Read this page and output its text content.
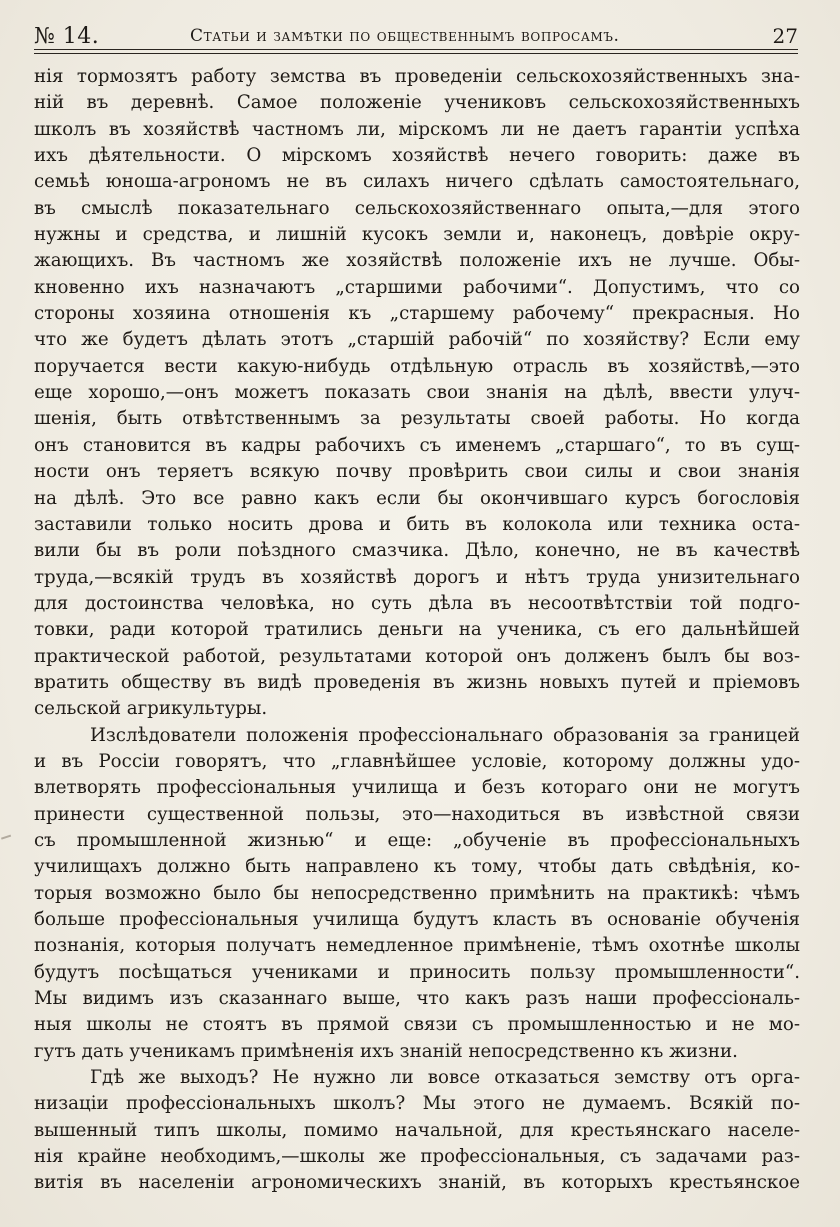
№ 14.	Статьи и замѣтки по общественнымъ вопросамъ.	27
нія тормозятъ работу земства въ проведеніи сельскохозяйственныхъ зна-
ній въ деревнѣ. Самое положеніе учениковъ сельскохозяйственныхъ
школъ въ хозяйствѣ частномъ ли, мірскомъ ли не даетъ гарантіи успѣха
ихъ дѣятельности. О мірскомъ хозяйствѣ нечего говорить: даже въ
семьѣ юноша-агрономъ не въ силахъ ничего сдѣлать самостоятельнаго,
въ смыслѣ показательнаго сельскохозяйственнаго опыта,—для этого
нужны и средства, и лишній кусокъ земли и, наконецъ, довѣріе окру-
жающихъ. Въ частномъ же хозяйствѣ положеніе ихъ не лучше. Обы-
кновенно ихъ назначаютъ „старшими рабочими“. Допустимъ, что со
стороны хозяина отношенія къ „старшему рабочему“ прекрасныя. Но
что же будетъ дѣлать этотъ „старшій рабочій“ по хозяйству? Если ему
поручается вести какую-нибудь отдѣльную отрасль въ хозяйствѣ,—это
еще хорошо,—онъ можетъ показать свои знанія на дѣлѣ, ввести улуч-
шенія, быть отвѣтственнымъ за результаты своей работы. Но когда
онъ становится въ кадры рабочихъ съ именемъ „старшаго“, то въ сущ-
ности онъ теряетъ всякую почву провѣрить свои силы и свои знанія
на дѣлѣ. Это все равно какъ если бы окончившаго курсъ богословія
заставили только носить дрова и бить въ колокола или техника оста-
вили бы въ роли поѣздного смазчика. Дѣло, конечно, не въ качествѣ
труда,—всякій трудъ въ хозяйствѣ дорогъ и нѣтъ труда унизительнаго
для достоинства человѣка, но суть дѣла въ несоотвѣтствіи той подго-
товки, ради которой тратились деньги на ученика, съ его дальнѣйшей
практической работой, результатами которой онъ долженъ былъ бы воз-
вратить обществу въ видѣ проведенія въ жизнь новыхъ путей и пріемовъ
сельской агрикультуры.
Изслѣдователи положенія профессіональнаго образованія за границей
и въ Россіи говорятъ, что „главнѣйшее условіе, которому должны удо-
влетворять профессіональныя училища и безъ котораго они не могутъ
принести существенной пользы, это—находиться въ извѣстной связи
съ промышленной жизнью“ и еще: „обученіе въ профессіональныхъ
училищахъ должно быть направлено къ тому, чтобы дать свѣдѣнія, ко-
торыя возможно было бы непосредственно примѣнить на практикѣ: чѣмъ
больше профессіональныя училища будутъ класть въ основаніе обученія
познанія, которыя получатъ немедленное примѣненіе, тѣмъ охотнѣе школы
будутъ посѣщаться учениками и приносить пользу промышленности“.
Мы видимъ изъ сказаннаго выше, что какъ разъ наши профессіональ-
ныя школы не стоятъ въ прямой связи съ промышленностью и не мо-
гутъ дать ученикамъ примѣненія ихъ знаній непосредственно къ жизни.
Гдѣ же выходъ? Не нужно ли вовсе отказаться земству отъ орга-
низаціи профессіональныхъ школъ? Мы этого не думаемъ. Всякій по-
вышенный типъ школы, помимо начальной, для крестьянскаго населе-
нія крайне необходимъ,—школы же профессіональныя, съ задачами раз-
витія въ населеніи агрономическихъ знаній, въ которыхъ крестьянское
